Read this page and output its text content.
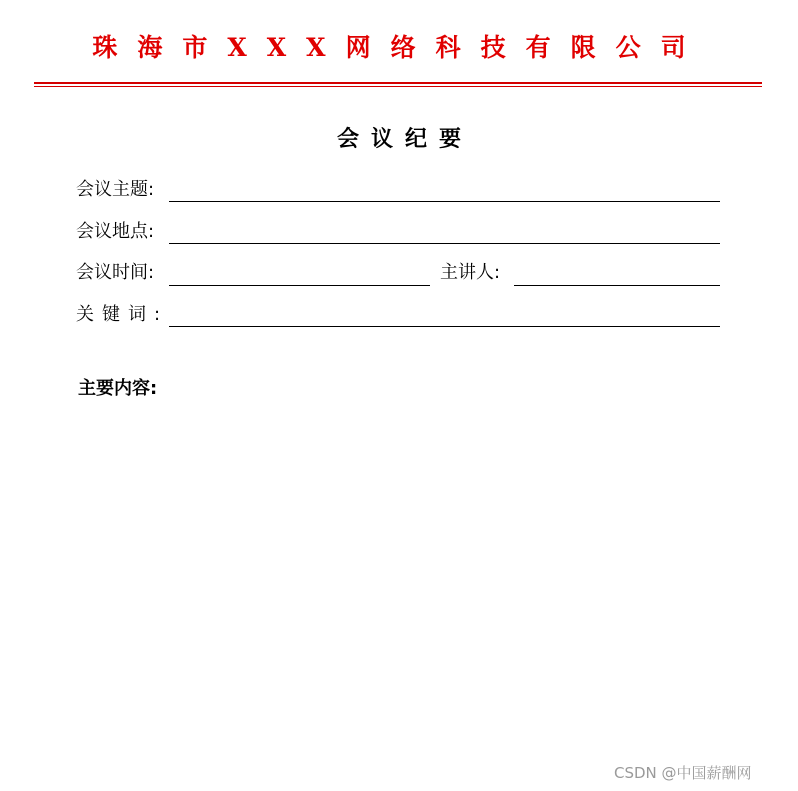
珠海市XXX网络科技有限公司
会议纪要
会议主题:
会议地点:
会议时间:	主讲人:
关键词:
主要内容:
CSDN @中国薪酬网
